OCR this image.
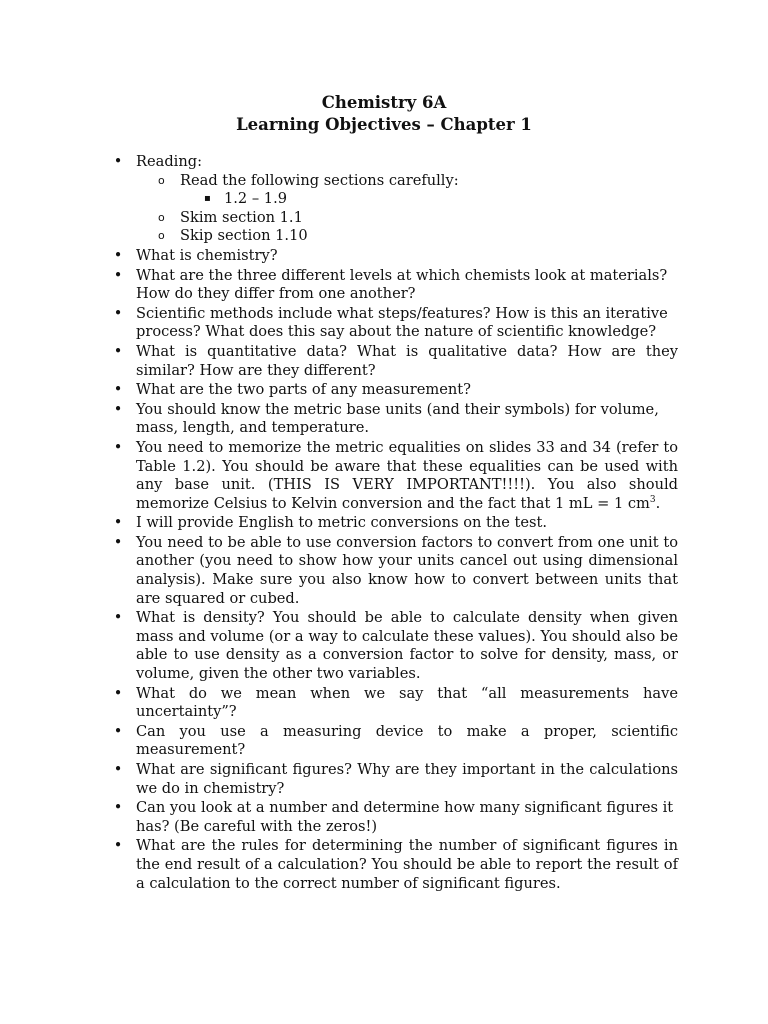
Chemistry 6A
Learning Objectives – Chapter 1
• Reading:
o Read the following sections carefully:
▪ 1.2 – 1.9
o Skim section 1.1
o Skip section 1.10
• What is chemistry?
• What are the three different levels at which chemists look at materials? How do they differ from one another?
• Scientific methods include what steps/features? How is this an iterative process? What does this say about the nature of scientific knowledge?
• What is quantitative data? What is qualitative data? How are they similar? How are they different?
• What are the two parts of any measurement?
• You should know the metric base units (and their symbols) for volume, mass, length, and temperature.
• You need to memorize the metric equalities on slides 33 and 34 (refer to Table 1.2). You should be aware that these equalities can be used with any base unit. (THIS IS VERY IMPORTANT!!!!). You also should memorize Celsius to Kelvin conversion and the fact that 1 mL = 1 $cm^3$.
• I will provide English to metric conversions on the test.
• You need to be able to use conversion factors to convert from one unit to another (you need to show how your units cancel out using dimensional analysis). Make sure you also know how to convert between units that are squared or cubed.
• What is density? You should be able to calculate density when given mass and volume (or a way to calculate these values). You should also be able to use density as a conversion factor to solve for density, mass, or volume, given the other two variables.
• What do we mean when we say that “all measurements have uncertainty”?
• Can you use a measuring device to make a proper, scientific measurement?
• What are significant figures? Why are they important in the calculations we do in chemistry?
• Can you look at a number and determine how many significant figures it has? (Be careful with the zeros!)
• What are the rules for determining the number of significant figures in the end result of a calculation? You should be able to report the result of a calculation to the correct number of significant figures.
